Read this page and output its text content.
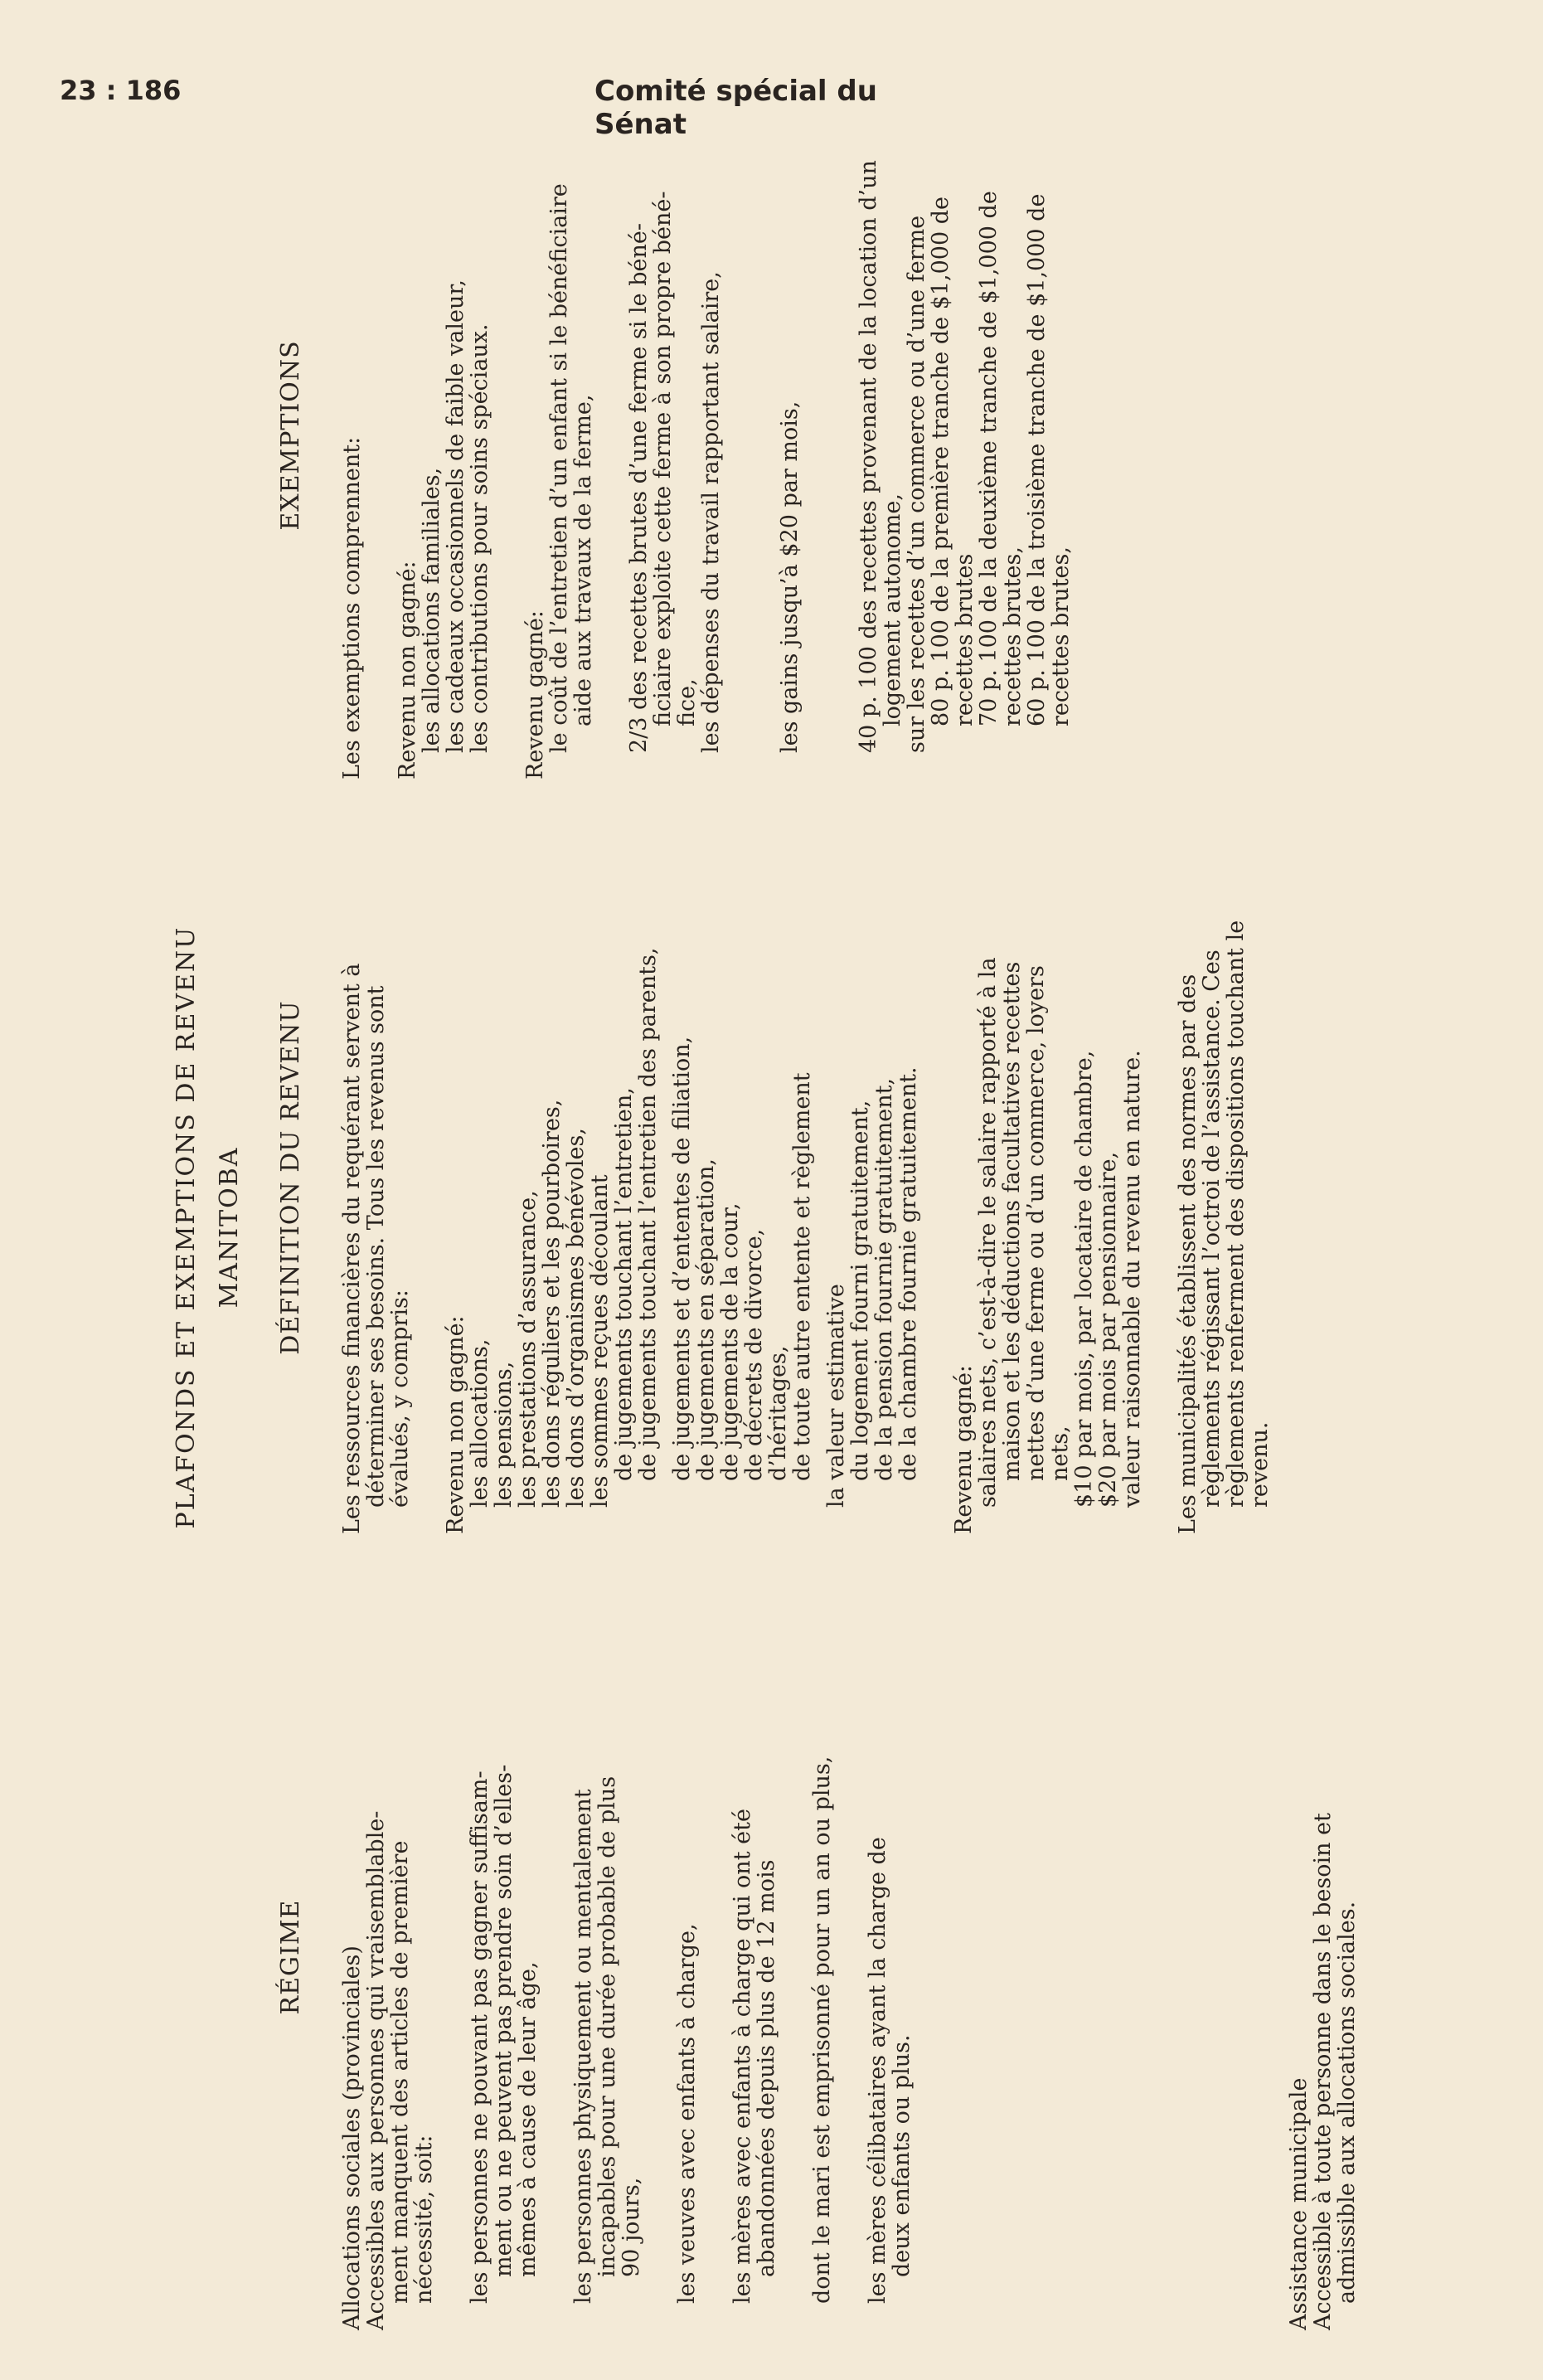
23 : 186	Comité spécial du Sénat
PLAFONDS ET EXEMPTIONS DE REVENU MANITOBA
RÉGIME
DÉFINITION DU REVENU
EXEMPTIONS
Allocations sociales (provinciales)
Accessibles aux personnes qui vraisemblable-
ment manquent des articles de première
nécessité, soit: les personnes ne pouvant pas gagner suffisam-
ment ou ne peuvent pas prendre soin d’elles-
mêmes à cause de leur âge, les personnes physiquement ou mentalement
incapables pour une durée probable de plus
90 jours, les veuves avec enfants à charge, les mères avec enfants à charge qui ont été
abandonnées depuis plus de 12 mois dont le mari est emprisonné pour un an ou plus, les mères célibataires ayant la charge de
deux enfants ou plus.	Assistance municipale
Accessible à toute personne dans le besoin et
admissible aux allocations sociales.
Les ressources financières du requérant servent à
déterminer ses besoins. Tous les revenus sont
évalués, y compris: Revenu non gagné:
les allocations,
les pensions,
les prestations d’assurance,
les dons réguliers et les pourboires,
les dons d’organismes bénévoles,
les sommes reçues découlant
de jugements touchant l’entretien,
de jugements touchant l’entretien des parents, de jugements et d’ententes de filiation,
de jugements en séparation,
de jugements de la cour,
de décrets de divorce,
d’héritages,
de toute autre entente et règlement la valeur estimative
du logement fourni gratuitement,
de la pension fournie gratuitement,
de la chambre fournie gratuitement. Revenu gagné:
salaires nets, c’est-à-dire le salaire rapporté à la
maison et les déductions facultatives recettes
nettes d’une ferme ou d’un commerce, loyers
nets,
$10 par mois, par locataire de chambre,
$20 par mois par pensionnaire,
valeur raisonnable du revenu en nature. Les municipalités établissent des normes par des
règlements régissant l’octroi de l’assistance. Ces
règlements renferment des dispositions touchant le
revenu.
Les exemptions comprennent: Revenu non gagné:
les allocations familiales,
les cadeaux occasionnels de faible valeur,
les contributions pour soins spéciaux. Revenu gagné:
le coût de l’entretien d’un enfant si le bénéficiaire
aide aux travaux de la ferme, 2/3 des recettes brutes d’une ferme si le béné-
ficiaire exploite cette ferme à son propre béné-
fice,
les dépenses du travail rapportant salaire, les gains jusqu’à $20 par mois, 40 p. 100 des recettes provenant de la location d’un
logement autonome,
sur les recettes d’un commerce ou d’une ferme
80 p. 100 de la première tranche de $1,000 de
recettes brutes
70 p. 100 de la deuxième tranche de $1,000 de
recettes brutes,
60 p. 100 de la troisième tranche de $1,000 de
recettes brutes,
